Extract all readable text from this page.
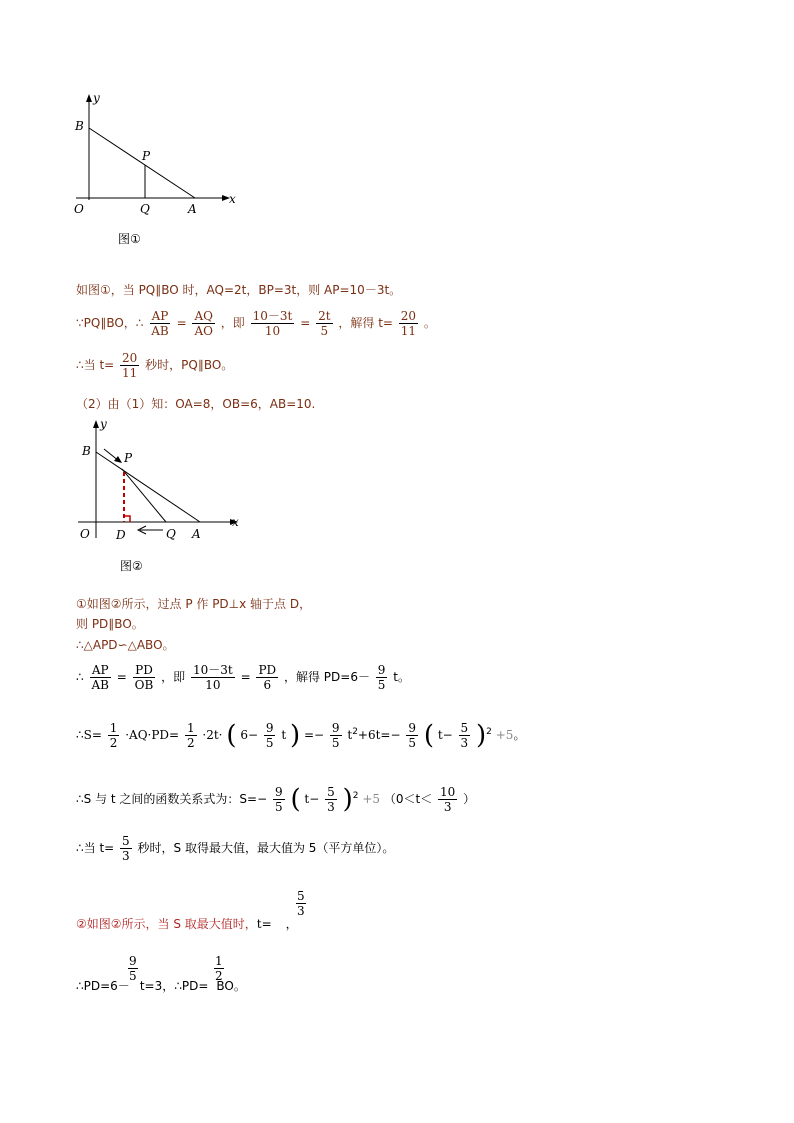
y
x
B
P
O	Q	A
图①
如图①，当 PQ∥BO 时，AQ=2t，BP=3t，则 AP=10－3t。
∵PQ∥BO，∴ $\frac{AP}{AB} = \frac{AQ}{AO}$ ，即 $\frac{10-3t}{10} = \frac{2t}{5}$ ，解得 $t= \frac{20}{11}$ 。
∴当 $t= \frac{20}{11}$ 秒时，PQ∥BO。
（2）由（1）知：OA=8，OB=6，AB=10.
y
x
B	P
O D	Q A
图②
①如图②所示，过点 P 作 PD⊥x 轴于点 D，
则 PD∥BO。
∴△APD∽△ABO。
∴ $\frac{AP}{AB} = \frac{PD}{OB}$ ，即 $\frac{10-3t}{10} = \frac{PD}{6}$ ，解得 $PD=6- \frac{9}{5}$ t。
∴S= $\frac{1}{2} \cdot AQ\cdot PD= \frac{1}{2} \cdot 2t\cdot$ ( $6- \frac{9}{5}$ t ) =− $\frac{9}{5} t^2+6t=- \frac{9}{5}$ ( $t- \frac{5}{3} )^2 +5$。
∴S 与 t 之间的函数关系式为：$S=- \frac{9}{5}$ ( $t- \frac{5}{3} )^2 +5$ （$0<t< \frac{10}{3}$ ）
∴当 $t= \frac{5}{3}$ 秒时，S 取得最大值，最大值为 5（平方单位）。
②如图②所示，当 S 取最大值时，t= ，
$\frac{5}{3}$
∴PD=6－ t=3，∴PD= BO。
$\frac{9}{5}$	$\frac{1}{2}$
